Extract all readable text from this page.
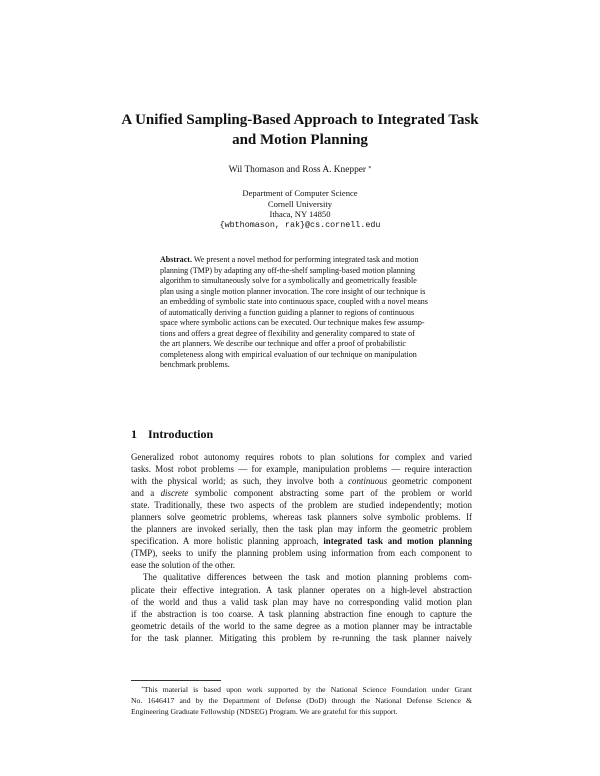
A Unified Sampling-Based Approach to Integrated Task
and Motion Planning
Wil Thomason and Ross A. Knepper *
Department of Computer Science
Cornell University
Ithaca, NY 14850
{wbthomason, rak}@cs.cornell.edu
Abstract. We present a novel method for performing integrated task and motion
planning (TMP) by adapting any off-the-shelf sampling-based motion planning
algorithm to simultaneously solve for a symbolically and geometrically feasible
plan using a single motion planner invocation. The core insight of our technique is
an embedding of symbolic state into continuous space, coupled with a novel means
of automatically deriving a function guiding a planner to regions of continuous
space where symbolic actions can be executed. Our technique makes few assump-
tions and offers a great degree of flexibility and generality compared to state of
the art planners. We describe our technique and offer a proof of probabilistic
completeness along with empirical evaluation of our technique on manipulation
benchmark problems.
1 Introduction
Generalized robot autonomy requires robots to plan solutions for complex and varied
tasks. Most robot problems — for example, manipulation problems — require interaction
with the physical world; as such, they involve both a continuous geometric component
and a discrete symbolic component abstracting some part of the problem or world
state. Traditionally, these two aspects of the problem are studied independently; motion
planners solve geometric problems, whereas task planners solve symbolic problems. If
the planners are invoked serially, then the task plan may inform the geometric problem
specification. A more holistic planning approach, integrated task and motion planning
(TMP), seeks to unify the planning problem using information from each component to
ease the solution of the other.
The qualitative differences between the task and motion planning problems com-
plicate their effective integration. A task planner operates on a high-level abstraction
of the world and thus a valid task plan may have no corresponding valid motion plan
if the abstraction is too coarse. A task planning abstraction fine enough to capture the
geometric details of the world to the same degree as a motion planner may be intractable
for the task planner. Mitigating this problem by re-running the task planner naively
*This material is based upon work supported by the National Science Foundation under Grant
No. 1646417 and by the Department of Defense (DoD) through the National Defense Science &
Engineering Graduate Fellowship (NDSEG) Program. We are grateful for this support.
